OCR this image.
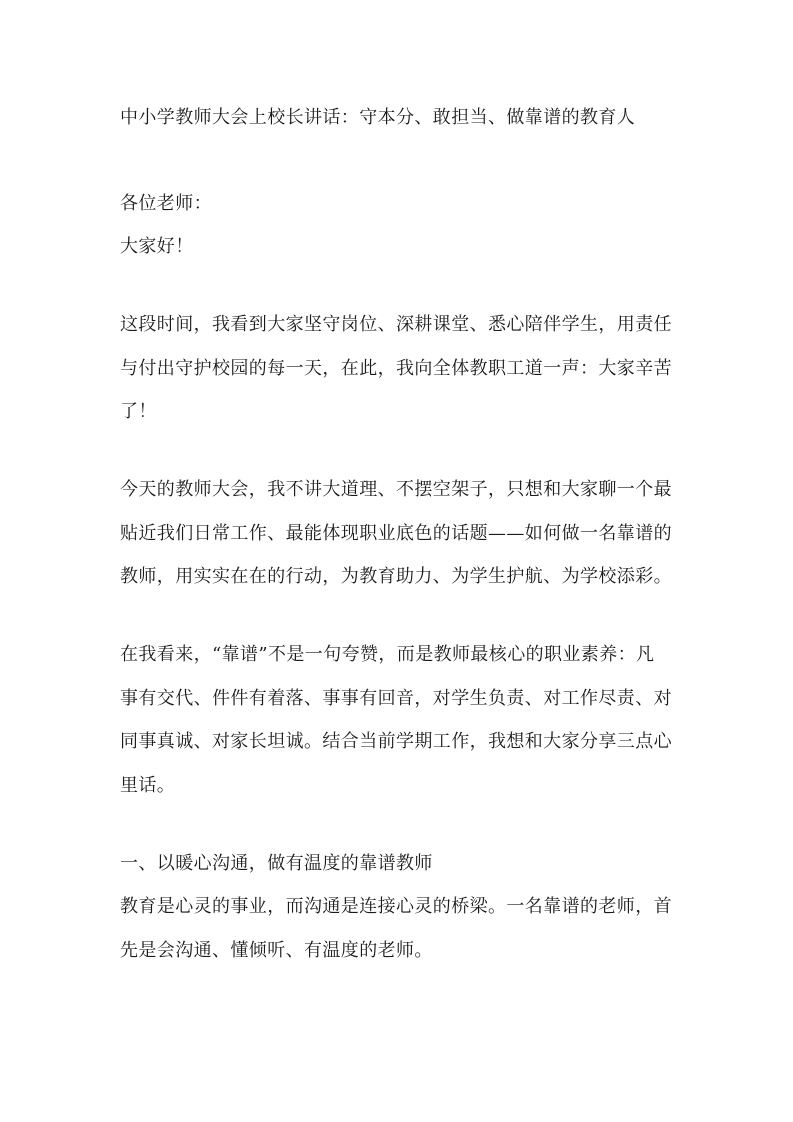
中小学教师大会上校长讲话：守本分、敢担当、做靠谱的教育人
各位老师：
大家好！
这段时间，我看到大家坚守岗位、深耕课堂、悉心陪伴学生，用责任
与付出守护校园的每一天，在此，我向全体教职工道一声：大家辛苦
了！
今天的教师大会，我不讲大道理、不摆空架子，只想和大家聊一个最
贴近我们日常工作、最能体现职业底色的话题——如何做一名靠谱的
教师，用实实在在的行动，为教育助力、为学生护航、为学校添彩。
在我看来，“靠谱”不是一句夸赞，而是教师最核心的职业素养：凡
事有交代、件件有着落、事事有回音，对学生负责、对工作尽责、对
同事真诚、对家长坦诚。结合当前学期工作，我想和大家分享三点心
里话。
一、以暖心沟通，做有温度的靠谱教师
教育是心灵的事业，而沟通是连接心灵的桥梁。一名靠谱的老师，首
先是会沟通、懂倾听、有温度的老师。
